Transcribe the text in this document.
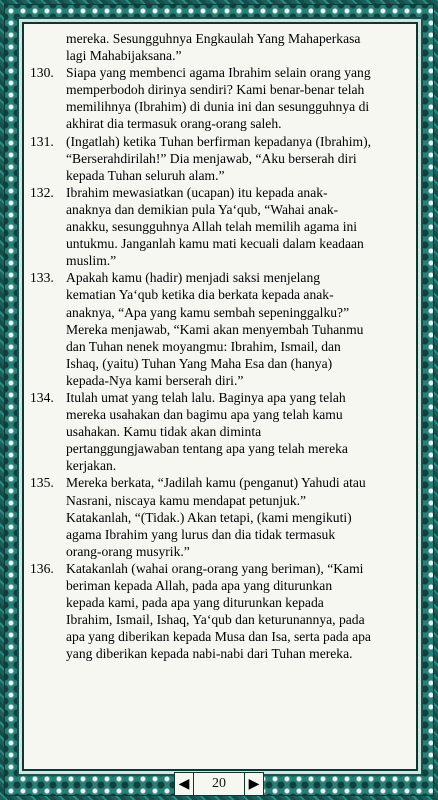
mereka. Sesungguhnya Engkaulah Yang Mahaperkasa
lagi Mahabijaksana.”
130. Siapa yang membenci agama Ibrahim selain orang yang
memperbodoh dirinya sendiri? Kami benar-benar telah
memilihnya (Ibrahim) di dunia ini dan sesungguhnya di
akhirat dia termasuk orang-orang saleh.
131. (Ingatlah) ketika Tuhan berfirman kepadanya (Ibrahim),
“Berserahdirilah!” Dia menjawab, “Aku berserah diri
kepada Tuhan seluruh alam.”
132. Ibrahim mewasiatkan (ucapan) itu kepada anak-
anaknya dan demikian pula Ya‘qub, “Wahai anak-
anakku, sesungguhnya Allah telah memilih agama ini
untukmu. Janganlah kamu mati kecuali dalam keadaan
muslim.”
133. Apakah kamu (hadir) menjadi saksi menjelang
kematian Ya‘qub ketika dia berkata kepada anak-
anaknya, “Apa yang kamu sembah sepeninggalku?”
Mereka menjawab, “Kami akan menyembah Tuhanmu
dan Tuhan nenek moyangmu: Ibrahim, Ismail, dan
Ishaq, (yaitu) Tuhan Yang Maha Esa dan (hanya)
kepada-Nya kami berserah diri.”
134. Itulah umat yang telah lalu. Baginya apa yang telah
mereka usahakan dan bagimu apa yang telah kamu
usahakan. Kamu tidak akan diminta
pertanggungjawaban tentang apa yang telah mereka
kerjakan.
135. Mereka berkata, “Jadilah kamu (penganut) Yahudi atau
Nasrani, niscaya kamu mendapat petunjuk.”
Katakanlah, “(Tidak.) Akan tetapi, (kami mengikuti)
agama Ibrahim yang lurus dan dia tidak termasuk
orang-orang musyrik.”
136. Katakanlah (wahai orang-orang yang beriman), “Kami
beriman kepada Allah, pada apa yang diturunkan
kepada kami, pada apa yang diturunkan kepada
Ibrahim, Ismail, Ishaq, Ya‘qub dan keturunannya, pada
apa yang diberikan kepada Musa dan Isa, serta pada apa
yang diberikan kepada nabi-nabi dari Tuhan mereka.
◀	20	▶
